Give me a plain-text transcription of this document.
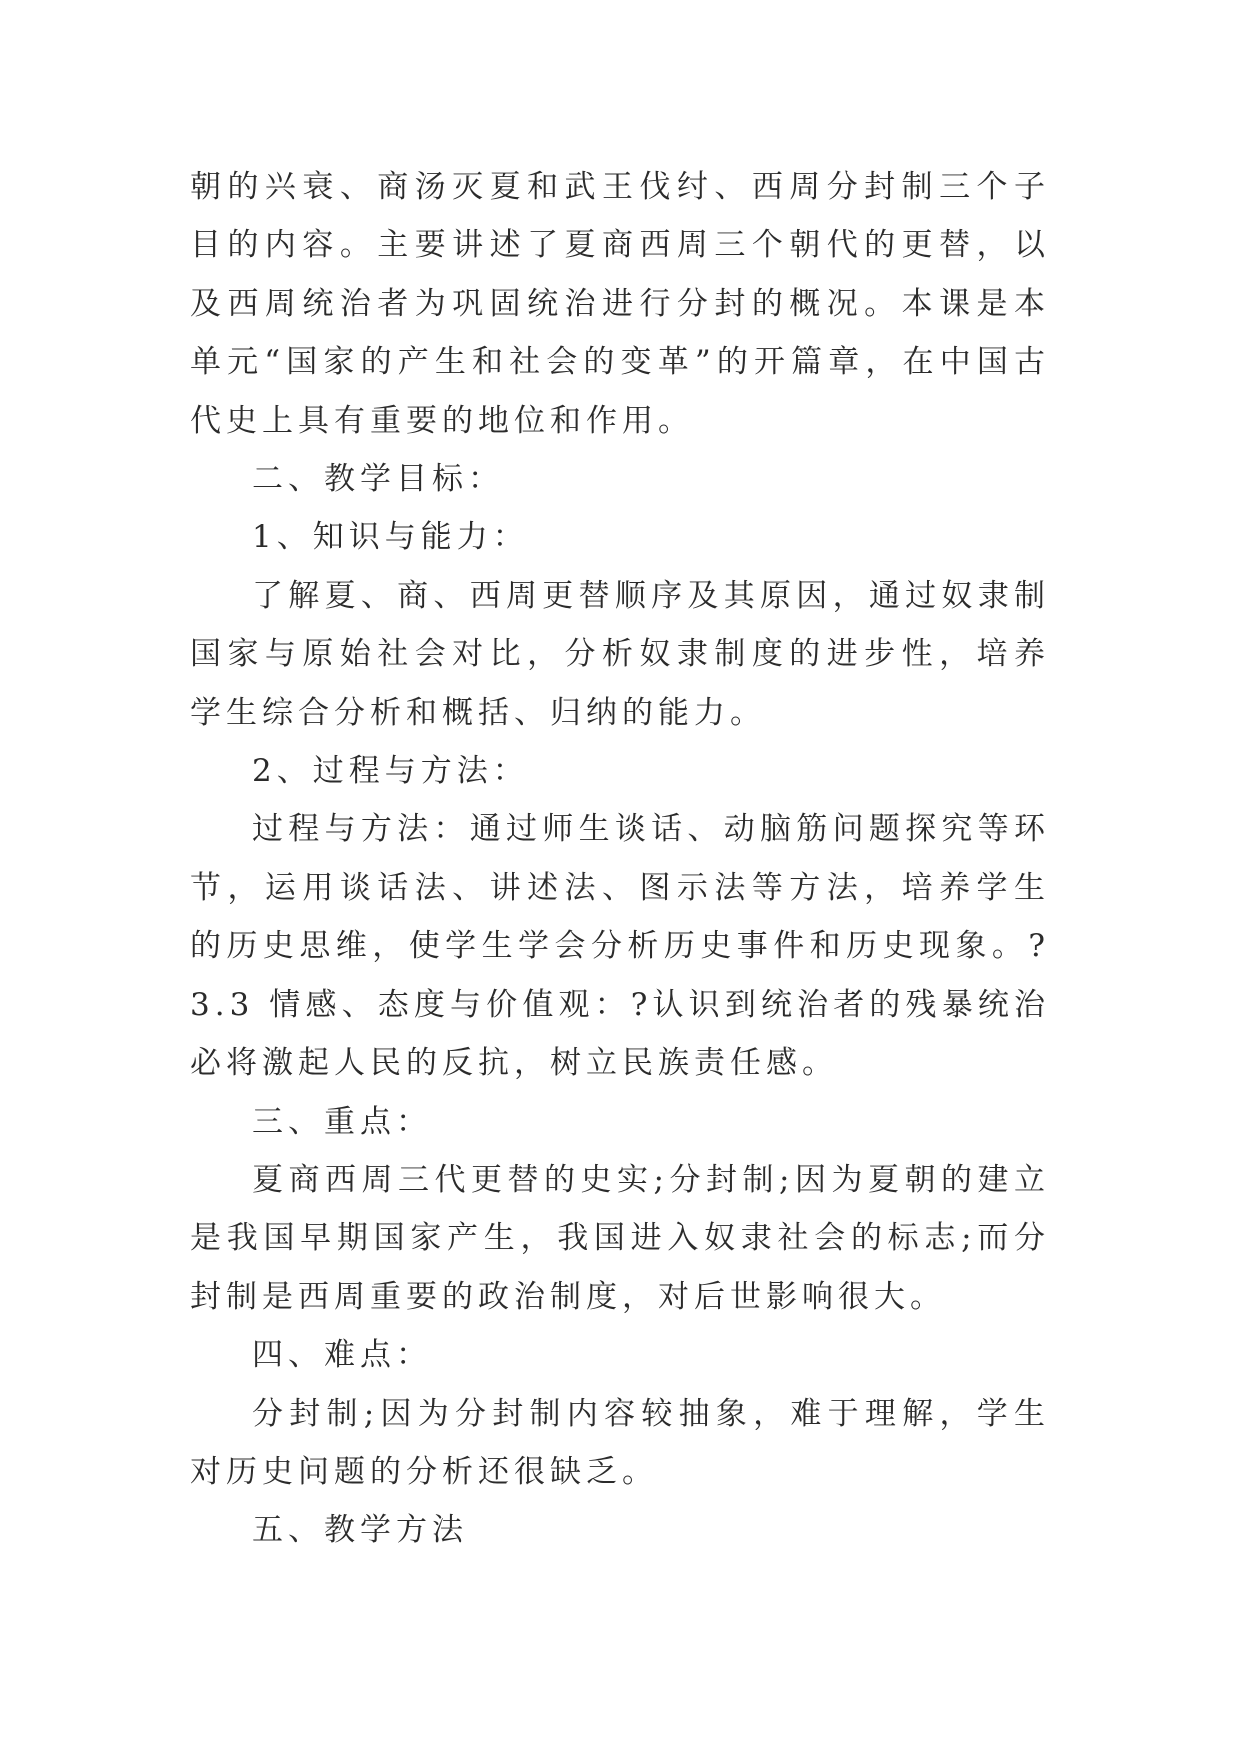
朝的兴衰、商汤灭夏和武王伐纣、西周分封制三个子目的内容。主要讲述了夏商西周三个朝代的更替，以及西周统治者为巩固统治进行分封的概况。本课是本单元“国家的产生和社会的变革”的开篇章，在中国古代史上具有重要的地位和作用。

二、教学目标：

1、知识与能力：

了解夏、商、西周更替顺序及其原因，通过奴隶制国家与原始社会对比，分析奴隶制度的进步性，培养学生综合分析和概括、归纳的能力。

2、过程与方法：

过程与方法：通过师生谈话、动脑筋问题探究等环节，运用谈话法、讲述法、图示法等方法，培养学生的历史思维，使学生学会分析历史事件和历史现象。?3.3 情感、态度与价值观：?认识到统治者的残暴统治必将激起人民的反抗，树立民族责任感。

三、重点：

夏商西周三代更替的史实;分封制;因为夏朝的建立是我国早期国家产生，我国进入奴隶社会的标志;而分封制是西周重要的政治制度，对后世影响很大。

四、难点：

分封制;因为分封制内容较抽象，难于理解，学生对历史问题的分析还很缺乏。

五、教学方法
